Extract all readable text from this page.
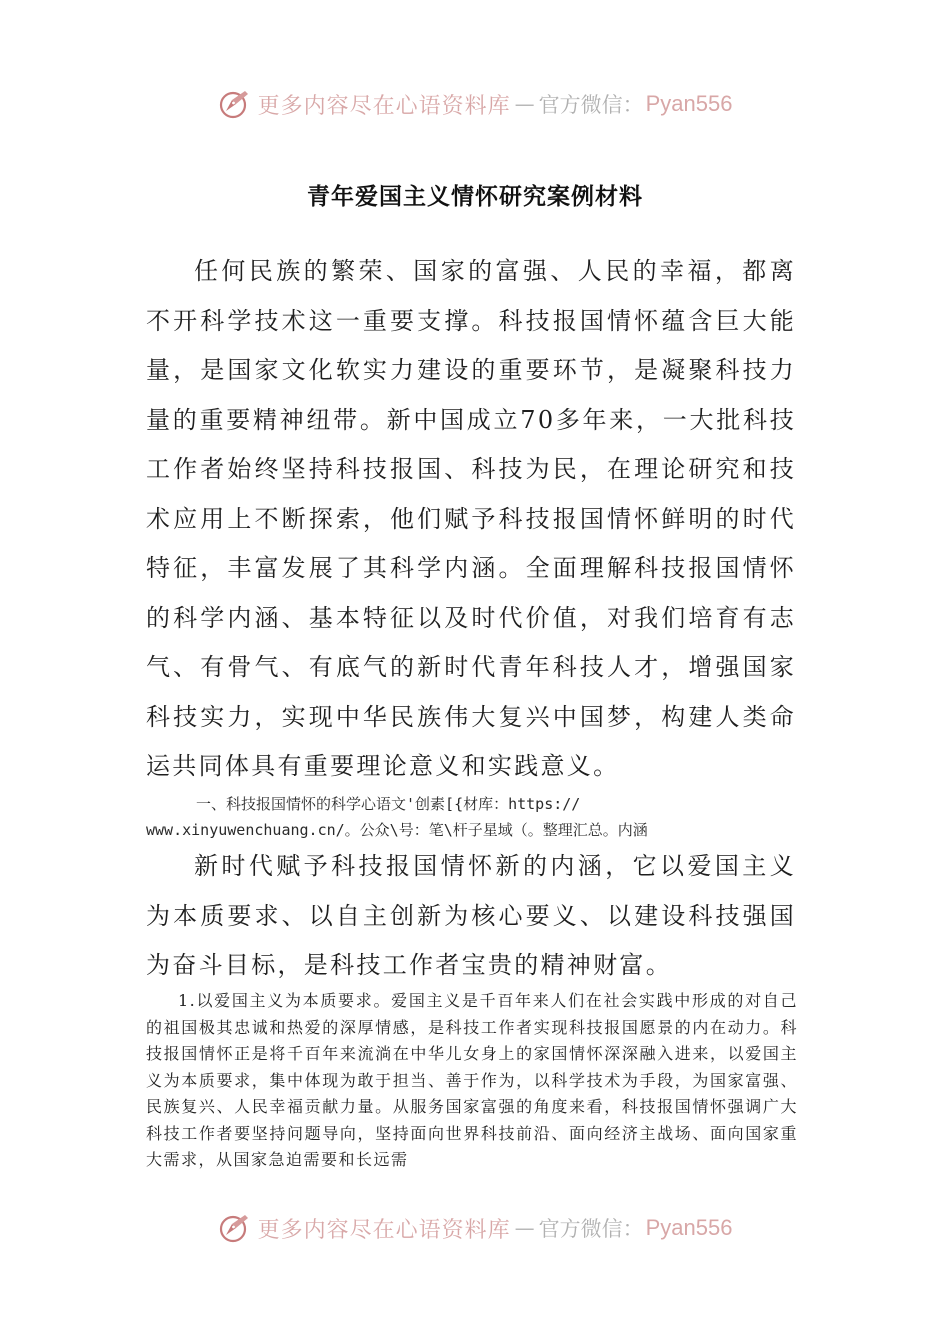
更多内容尽在心语资料库 — 官方微信： Pyan556
青年爱国主义情怀研究案例材料

任何民族的繁荣、国家的富强、人民的幸福，都离不开科学技术这一重要支撑。科技报国情怀蕴含巨大能量，是国家文化软实力建设的重要环节，是凝聚科技力量的重要精神纽带。新中国成立70多年来，一大批科技工作者始终坚持科技报国、科技为民，在理论研究和技术应用上不断探索，他们赋予科技报国情怀鲜明的时代特征，丰富发展了其科学内涵。全面理解科技报国情怀的科学内涵、基本特征以及时代价值，对我们培育有志气、有骨气、有底气的新时代青年科技人才，增强国家科技实力，实现中华民族伟大复兴中国梦，构建人类命运共同体具有重要理论意义和实践意义。

一、科技报国情怀的科学心语文'创素[{材库：https://
www.xinyuwenchuang.cn/。公众\号：笔\杆子星域（。整理汇总。内涵

新时代赋予科技报国情怀新的内涵，它以爱国主义为本质要求、以自主创新为核心要义、以建设科技强国为奋斗目标，是科技工作者宝贵的精神财富。

1.以爱国主义为本质要求。爱国主义是千百年来人们在社会实践中形成的对自己的祖国极其忠诚和热爱的深厚情感，是科技工作者实现科技报国愿景的内在动力。科技报国情怀正是将千百年来流淌在中华儿女身上的家国情怀深深融入进来，以爱国主义为本质要求，集中体现为敢于担当、善于作为，以科学技术为手段，为国家富强、民族复兴、人民幸福贡献力量。从服务国家富强的角度来看，科技报国情怀强调广大科技工作者要坚持问题导向，坚持面向世界科技前沿、面向经济主战场、面向国家重大需求，从国家急迫需要和长远需

更多内容尽在心语资料库 — 官方微信： Pyan556
